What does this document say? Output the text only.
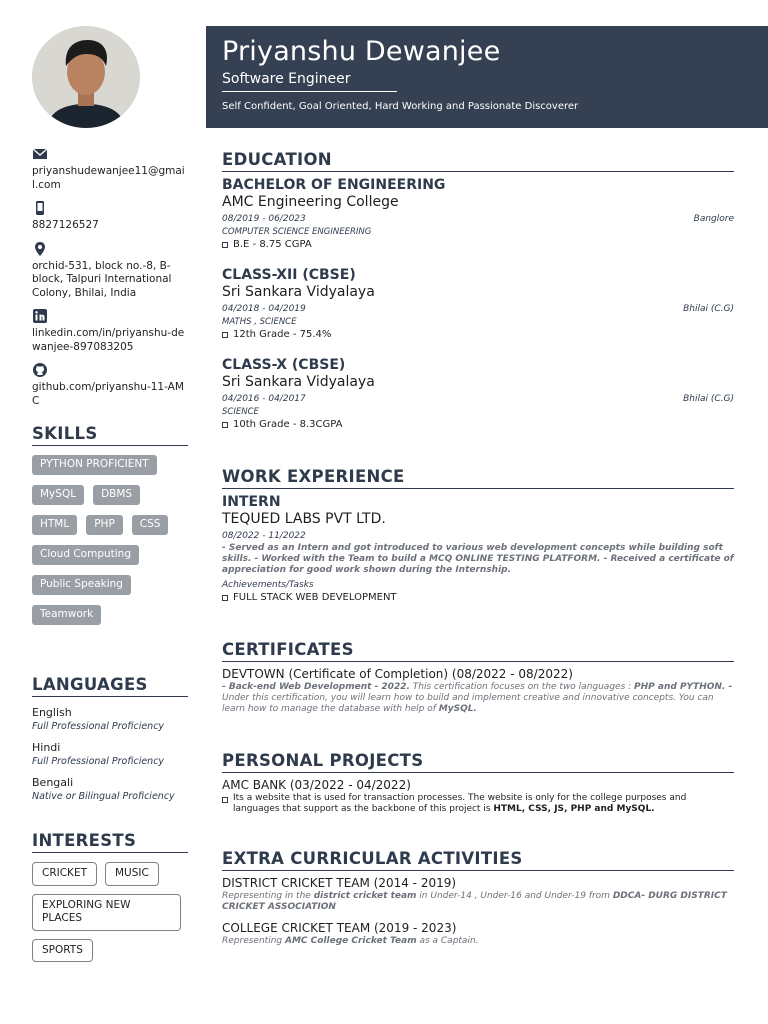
Priyanshu Dewanjee
Software Engineer
Self Confident, Goal Oriented, Hard Working and Passionate Discoverer
priyanshudewanjee11@gmail.com
8827126527
orchid-531, block no.-8, B-block, Talpuri International Colony, Bhilai, India
linkedin.com/in/priyanshu-dewanjee-897083205
github.com/priyanshu-11-AMC
SKILLS
PYTHON PROFICIENT
MySQL	DBMS
HTML	PHP	CSS
Cloud Computing
Public Speaking
Teamwork
LANGUAGES
English
Full Professional Proficiency
Hindi
Full Professional Proficiency
Bengali
Native or Bilingual Proficiency
INTERESTS
CRICKET	MUSIC
EXPLORING NEW PLACES
SPORTS
EDUCATION
BACHELOR OF ENGINEERING
AMC Engineering College
08/2019 - 06/2023	Banglore
COMPUTER SCIENCE ENGINEERING
B.E - 8.75 CGPA
CLASS-XII (CBSE)
Sri Sankara Vidyalaya
04/2018 - 04/2019	Bhilai (C.G)
MATHS , SCIENCE
12th Grade - 75.4%
CLASS-X (CBSE)
Sri Sankara Vidyalaya
04/2016 - 04/2017	Bhilai (C.G)
SCIENCE
10th Grade - 8.3CGPA
WORK EXPERIENCE
INTERN
TEQUED LABS PVT LTD.
08/2022 - 11/2022
- Served as an Intern and got introduced to various web development concepts while building soft skills. - Worked with the Team to build a MCQ ONLINE TESTING PLATFORM. - Received a certificate of appreciation for good work shown during the Internship.
Achievements/Tasks
FULL STACK WEB DEVELOPMENT
CERTIFICATES
DEVTOWN (Certificate of Completion) (08/2022 - 08/2022)
- Back-end Web Development - 2022. This certification focuses on the two languages : PHP and PYTHON. - Under this certification, you will learn how to build and implement creative and innovative concepts. You can learn how to manage the database with help of MySQL.
PERSONAL PROJECTS
AMC BANK (03/2022 - 04/2022)
Its a website that is used for transaction processes. The website is only for the college purposes and languages that support as the backbone of this project is HTML, CSS, JS, PHP and MySQL.
EXTRA CURRICULAR ACTIVITIES
DISTRICT CRICKET TEAM (2014 - 2019)
Representing in the district cricket team in Under-14 , Under-16 and Under-19 from DDCA- DURG DISTRICT CRICKET ASSOCIATION
COLLEGE CRICKET TEAM (2019 - 2023)
Representing AMC College Cricket Team as a Captain.
